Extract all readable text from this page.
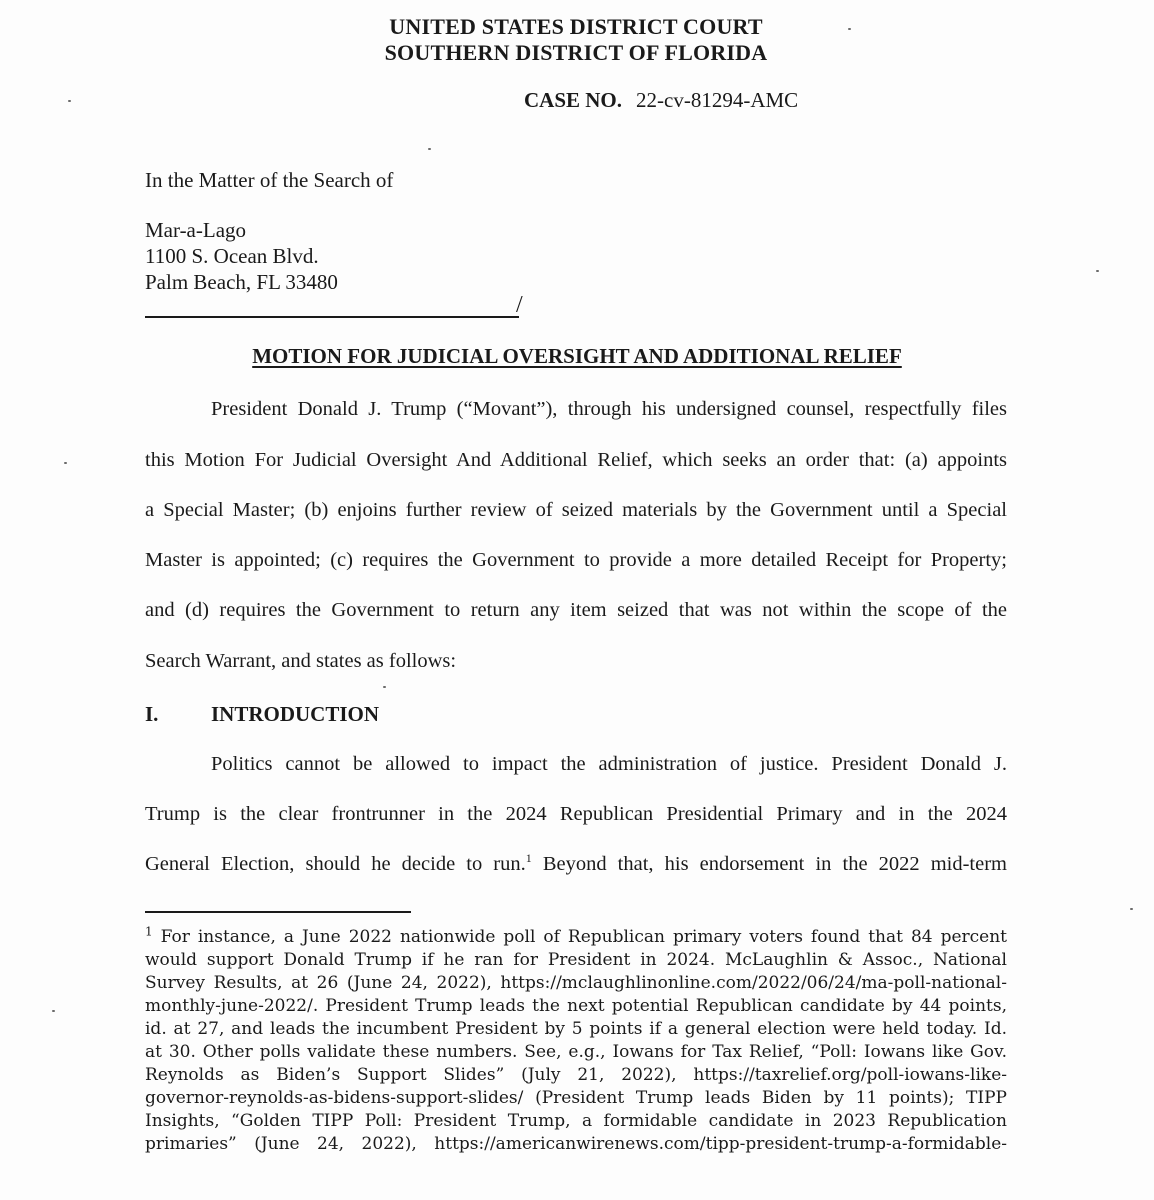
UNITED STATES DISTRICT COURT
SOUTHERN DISTRICT OF FLORIDA
CASE NO. 22-cv-81294-AMC
In the Matter of the Search of
Mar-a-Lago
1100 S. Ocean Blvd.
Palm Beach, FL 33480
/
MOTION FOR JUDICIAL OVERSIGHT AND ADDITIONAL RELIEF
President Donald J. Trump (“Movant”), through his undersigned counsel, respectfully files
this Motion For Judicial Oversight And Additional Relief, which seeks an order that: (a) appoints
a Special Master; (b) enjoins further review of seized materials by the Government until a Special
Master is appointed; (c) requires the Government to provide a more detailed Receipt for Property;
and (d) requires the Government to return any item seized that was not within the scope of the
Search Warrant, and states as follows:
I.	INTRODUCTION
Politics cannot be allowed to impact the administration of justice. President Donald J.
Trump is the clear frontrunner in the 2024 Republican Presidential Primary and in the 2024
General Election, should he decide to run.$^1$ Beyond that, his endorsement in the 2022 mid-term
$^1$ For instance, a June 2022 nationwide poll of Republican primary voters found that 84 percent
would support Donald Trump if he ran for President in 2024. McLaughlin & Assoc., National
Survey Results, at 26 (June 24, 2022), https://mclaughlinonline.com/2022/06/24/ma-poll-national-
monthly-june-2022/. President Trump leads the next potential Republican candidate by 44 points,
id. at 27, and leads the incumbent President by 5 points if a general election were held today. Id.
at 30. Other polls validate these numbers. See, e.g., Iowans for Tax Relief, “Poll: Iowans like Gov.
Reynolds as Biden’s Support Slides” (July 21, 2022), https://taxrelief.org/poll-iowans-like-
governor-reynolds-as-bidens-support-slides/ (President Trump leads Biden by 11 points); TIPP
Insights, “Golden TIPP Poll: President Trump, a formidable candidate in 2023 Republication
primaries” (June 24, 2022), https://americanwirenews.com/tipp-president-trump-a-formidable-
